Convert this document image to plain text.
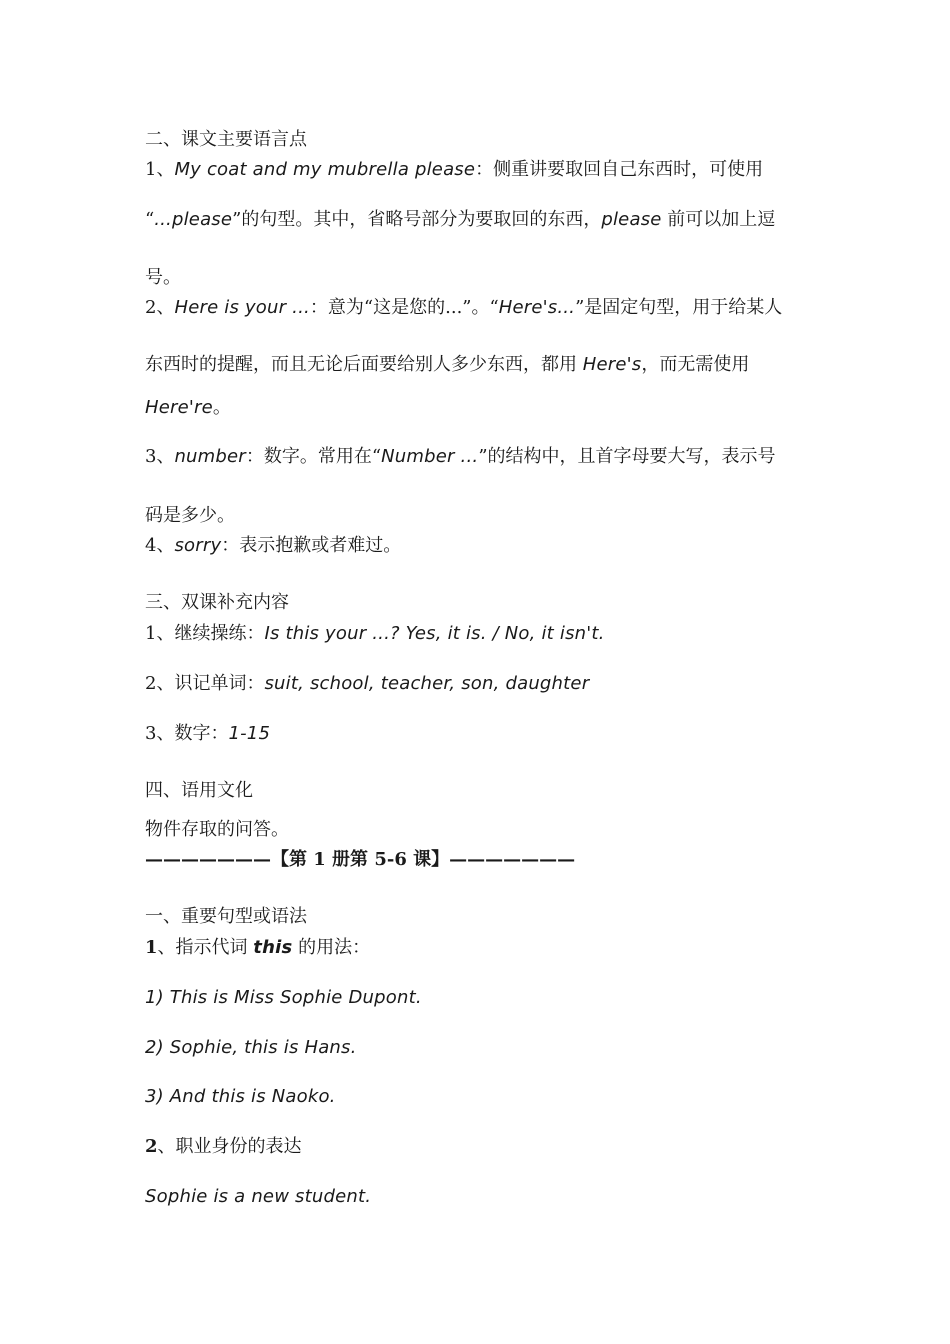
二、课文主要语言点
1、My coat and my mubrella please：侧重讲要取回自己东西时，可使用
“...please”的句型。其中，省略号部分为要取回的东西，please 前可以加上逗
号。
2、Here is your ...：意为“这是您的...”。“Here's...”是固定句型，用于给某人
东西时的提醒，而且无论后面要给别人多少东西，都用 Here's，而无需使用
Here're。
3、number：数字。常用在“Number ...”的结构中，且首字母要大写，表示号
码是多少。
4、sorry：表示抱歉或者难过。
三、双课补充内容
1、继续操练：Is this your ...? Yes, it is. / No, it isn't.
2、识记单词：suit, school, teacher, son, daughter
3、数字：1-15
四、语用文化
物件存取的问答。
———————【第 1 册第 5-6 课】———————
一、重要句型或语法
1、指示代词 this 的用法：
1) This is Miss Sophie Dupont.
2) Sophie, this is Hans.
3) And this is Naoko.
2、职业身份的表达
Sophie is a new student.
